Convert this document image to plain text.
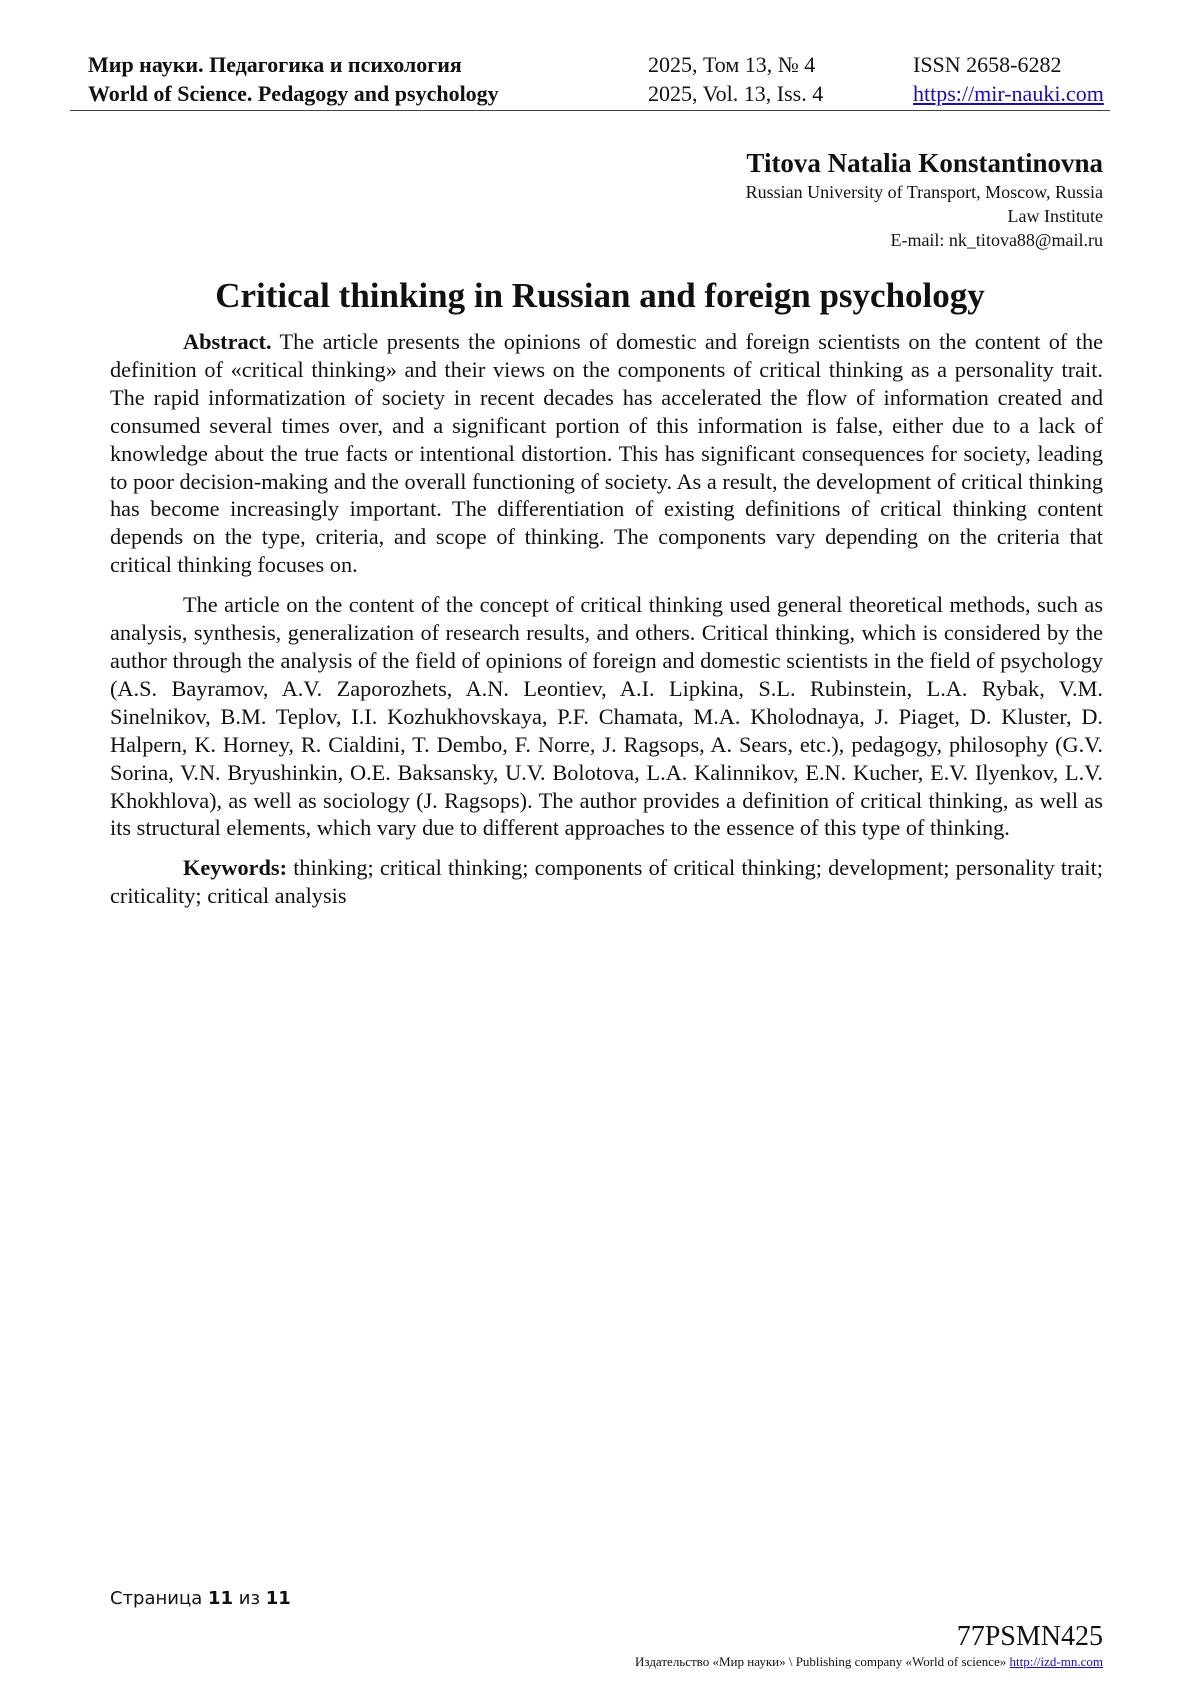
Мир науки. Педагогика и психология	2025, Том 13, № 4	ISSN 2658-6282
World of Science. Pedagogy and psychology	2025, Vol. 13, Iss. 4	https://mir-nauki.com
Titova Natalia Konstantinovna
Russian University of Transport, Moscow, Russia
Law Institute
E-mail: nk_titova88@mail.ru
Critical thinking in Russian and foreign psychology

Abstract. The article presents the opinions of domestic and foreign scientists on the content of the definition of «critical thinking» and their views on the components of critical thinking as a personality trait. The rapid informatization of society in recent decades has accelerated the flow of information created and consumed several times over, and a significant portion of this information is false, either due to a lack of knowledge about the true facts or intentional distortion. This has significant consequences for society, leading to poor decision-making and the overall functioning of society. As a result, the development of critical thinking has become increasingly important. The differentiation of existing definitions of critical thinking content depends on the type, criteria, and scope of thinking. The components vary depending on the criteria that critical thinking focuses on.

The article on the content of the concept of critical thinking used general theoretical methods, such as analysis, synthesis, generalization of research results, and others. Critical thinking, which is considered by the author through the analysis of the field of opinions of foreign and domestic scientists in the field of psychology (A.S. Bayramov, A.V. Zaporozhets, A.N. Leontiev, A.I. Lipkina, S.L. Rubinstein, L.A. Rybak, V.M. Sinelnikov, B.M. Teplov, I.I. Kozhukhovskaya, P.F. Chamata, M.A. Kholodnaya, J. Piaget, D. Kluster, D. Halpern, K. Horney, R. Cialdini, T. Dembo, F. Norre, J. Ragsops, A. Sears, etc.), pedagogy, philosophy (G.V. Sorina, V.N. Bryushinkin, O.E. Baksansky, U.V. Bolotova, L.A. Kalinnikov, E.N. Kucher, E.V. Ilyenkov, L.V. Khokhlova), as well as sociology (J. Ragsops). The author provides a definition of critical thinking, as well as its structural elements, which vary due to different approaches to the essence of this type of thinking.

Keywords: thinking; critical thinking; components of critical thinking; development; personality trait; criticality; critical analysis

Страница 11 из 11
77PSMN425
Издательство «Мир науки» \ Publishing company «World of science» http://izd-mn.com
